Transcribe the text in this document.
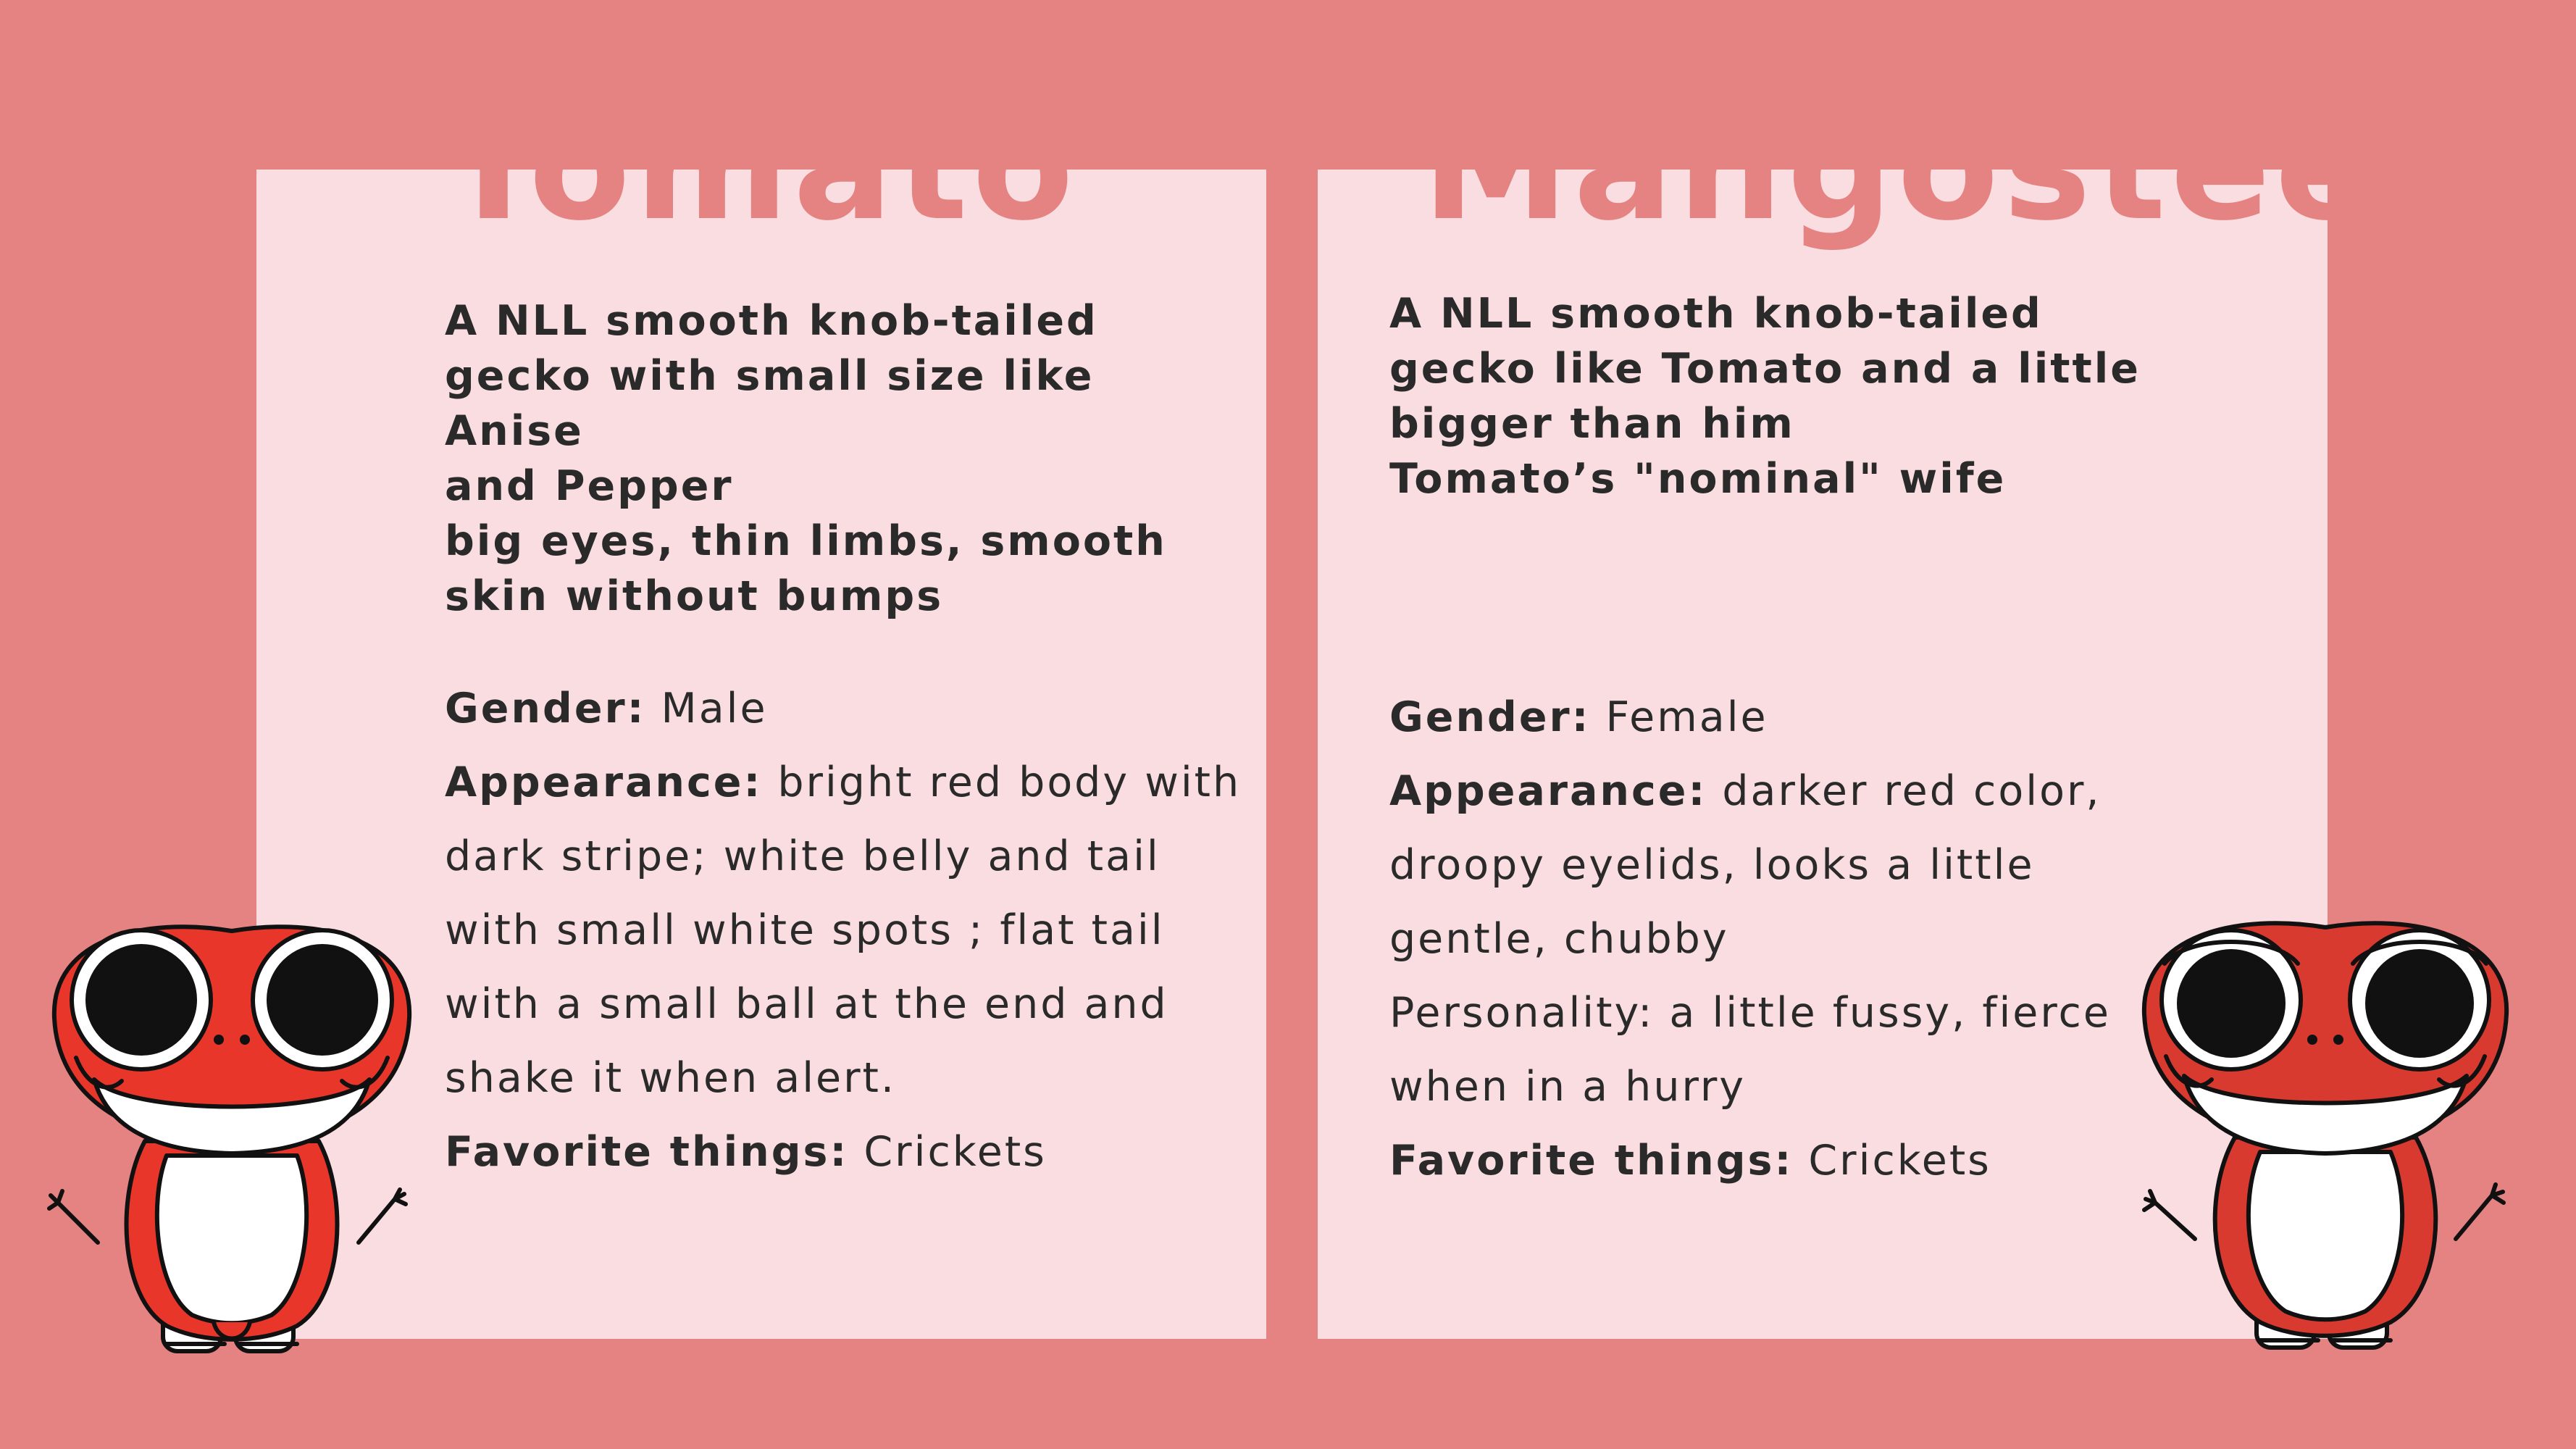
Tomato Mangosteen

A NLL smooth knob-tailed
gecko with small size like Anise
and Pepper
big eyes, thin limbs, smooth
skin without bumps

A NLL smooth knob-tailed
gecko like Tomato and a little
bigger than him
Tomato’s "nominal" wife

Gender: Male
Appearance: bright red body with dark stripe; white belly and tail with small white spots ; flat tail with a small ball at the end and shake it when alert.
Favorite things: Crickets
Gender: Female
Appearance: darker red color, droopy eyelids, looks a little gentle, chubby
Personality: a little fussy, fierce when in a hurry
Favorite things: Crickets
